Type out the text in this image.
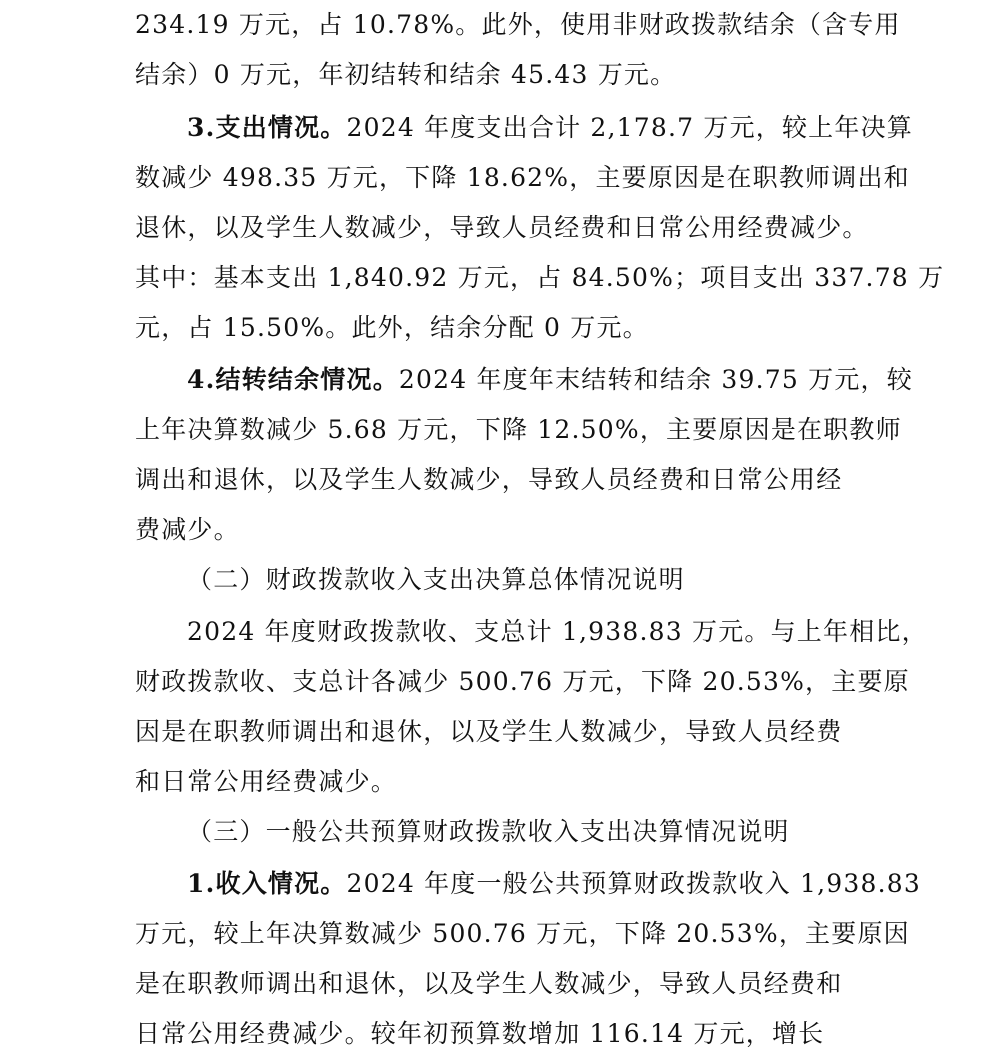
234.19 万元，占 10.78%。此外，使用非财政拨款结余（含专用
结余）0 万元，年初结转和结余 45.43 万元。
3.支出情况。2024 年度支出合计 2,178.7 万元，较上年决算
数减少 498.35 万元，下降 18.62%，主要原因是在职教师调出和
退休，以及学生人数减少，导致人员经费和日常公用经费减少。
其中：基本支出 1,840.92 万元，占 84.50%；项目支出 337.78 万
元，占 15.50%。此外，结余分配 0 万元。
4.结转结余情况。2024 年度年末结转和结余 39.75 万元，较
上年决算数减少 5.68 万元，下降 12.50%，主要原因是在职教师
调出和退休，以及学生人数减少，导致人员经费和日常公用经
费减少。
（二）财政拨款收入支出决算总体情况说明
2024 年度财政拨款收、支总计 1,938.83 万元。与上年相比，
财政拨款收、支总计各减少 500.76 万元，下降 20.53%，主要原
因是在职教师调出和退休，以及学生人数减少，导致人员经费
和日常公用经费减少。
（三）一般公共预算财政拨款收入支出决算情况说明
1.收入情况。2024 年度一般公共预算财政拨款收入 1,938.83
万元，较上年决算数减少 500.76 万元，下降 20.53%，主要原因
是在职教师调出和退休，以及学生人数减少，导致人员经费和
日常公用经费减少。较年初预算数增加 116.14 万元，增长
